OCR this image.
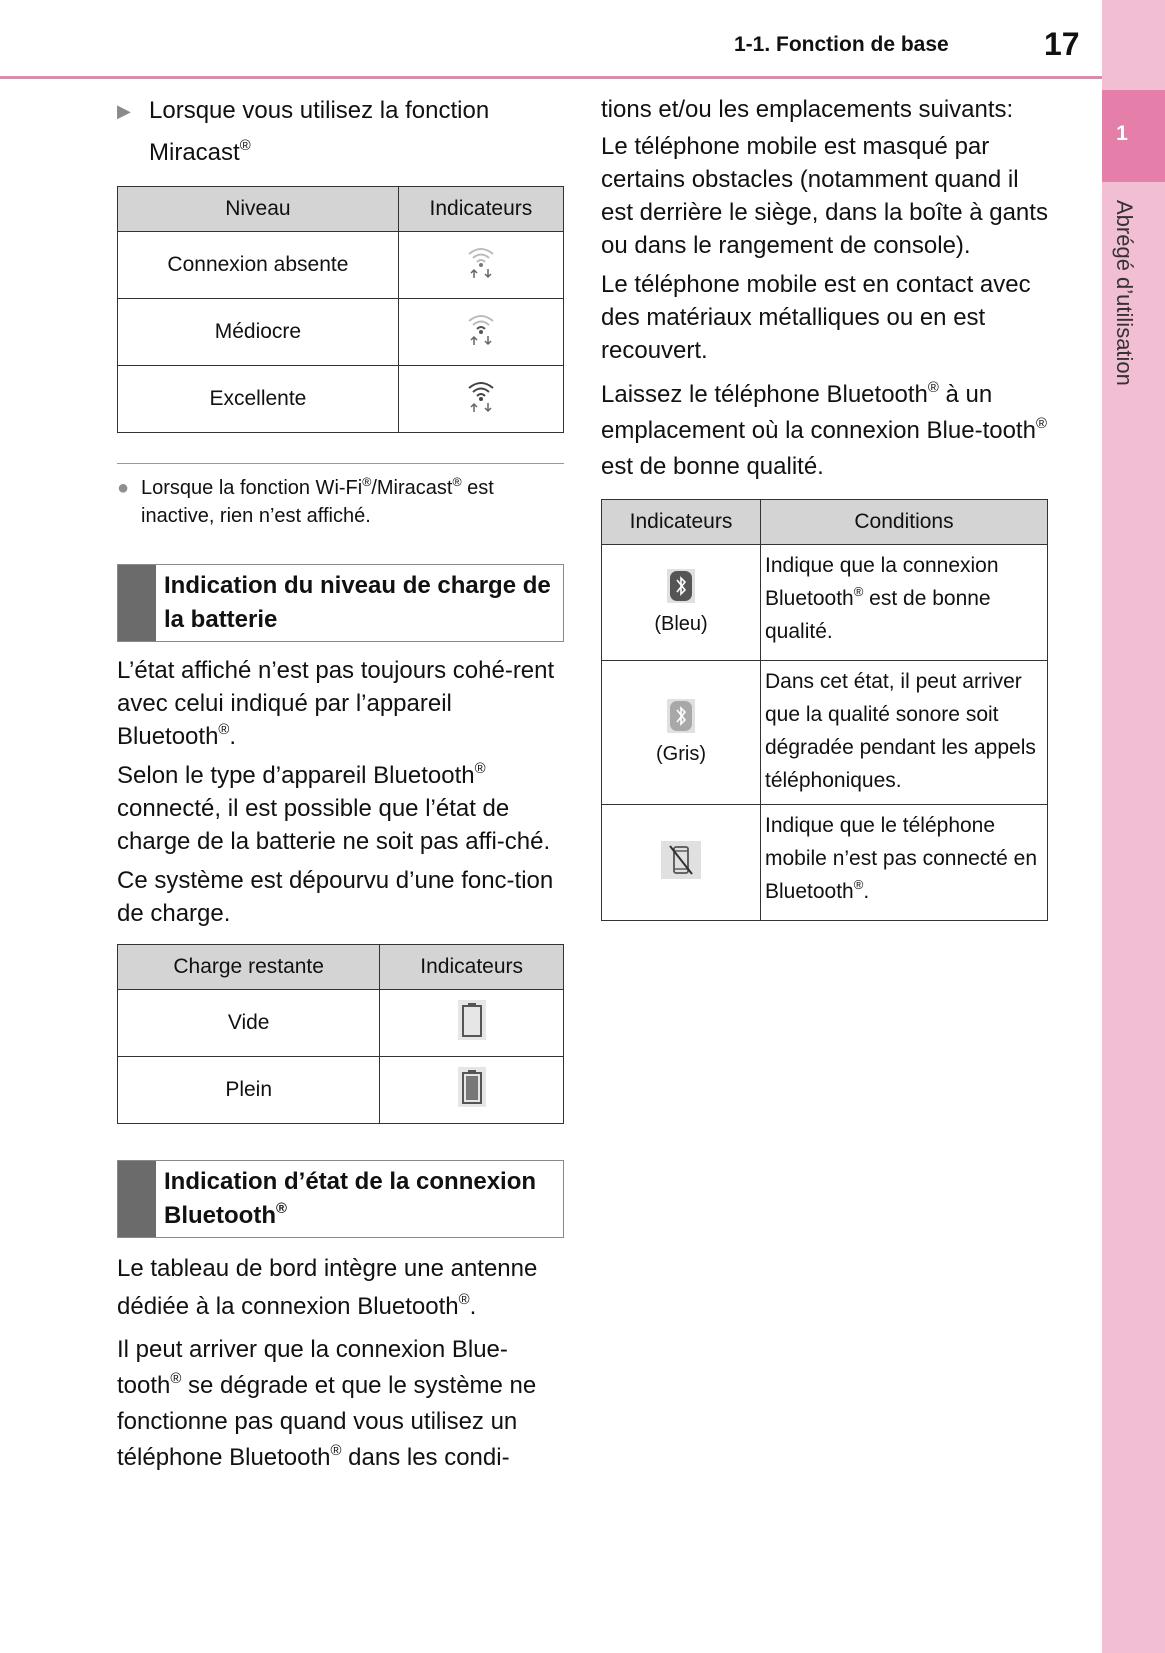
1-1. Fonction de base	17
1
Abrégé d’utilisation
▶ Lorsque vous utilisez la fonction
Miracast®
Niveau	Indicateurs
Connexion absente	
Médiocre	
Excellente	
● Lorsque la fonction Wi-Fi®/Miracast® est inactive, rien n’est affiché.
Indication du niveau de charge de la batterie

L’état affiché n’est pas toujours cohé-rent avec celui indiqué par l’appareil Bluetooth®.

Selon le type d’appareil Bluetooth® connecté, il est possible que l’état de charge de la batterie ne soit pas affi-ché.

Ce système est dépourvu d’une fonc-tion de charge.

Charge restante	Indicateurs
Vide	
Plein	
Indication d’état de la connexion Bluetooth®

Le tableau de bord intègre une antenne dédiée à la connexion Bluetooth®.

Il peut arriver que la connexion Blue-tooth® se dégrade et que le système ne fonctionne pas quand vous utilisez un téléphone Bluetooth® dans les condi-

tions et/ou les emplacements suivants:

Le téléphone mobile est masqué par certains obstacles (notamment quand il est derrière le siège, dans la boîte à gants ou dans le rangement de console).

Le téléphone mobile est en contact avec des matériaux métalliques ou en est recouvert.

Laissez le téléphone Bluetooth® à un emplacement où la connexion Blue-tooth® est de bonne qualité.

Indicateurs	Conditions

(Bleu)	Indique que la connexion Bluetooth® est de bonne qualité.

(Gris)	Dans cet état, il peut arriver que la qualité sonore soit dégradée pendant les appels téléphoniques.
	Indique que le téléphone mobile n’est pas connecté en Bluetooth®.
